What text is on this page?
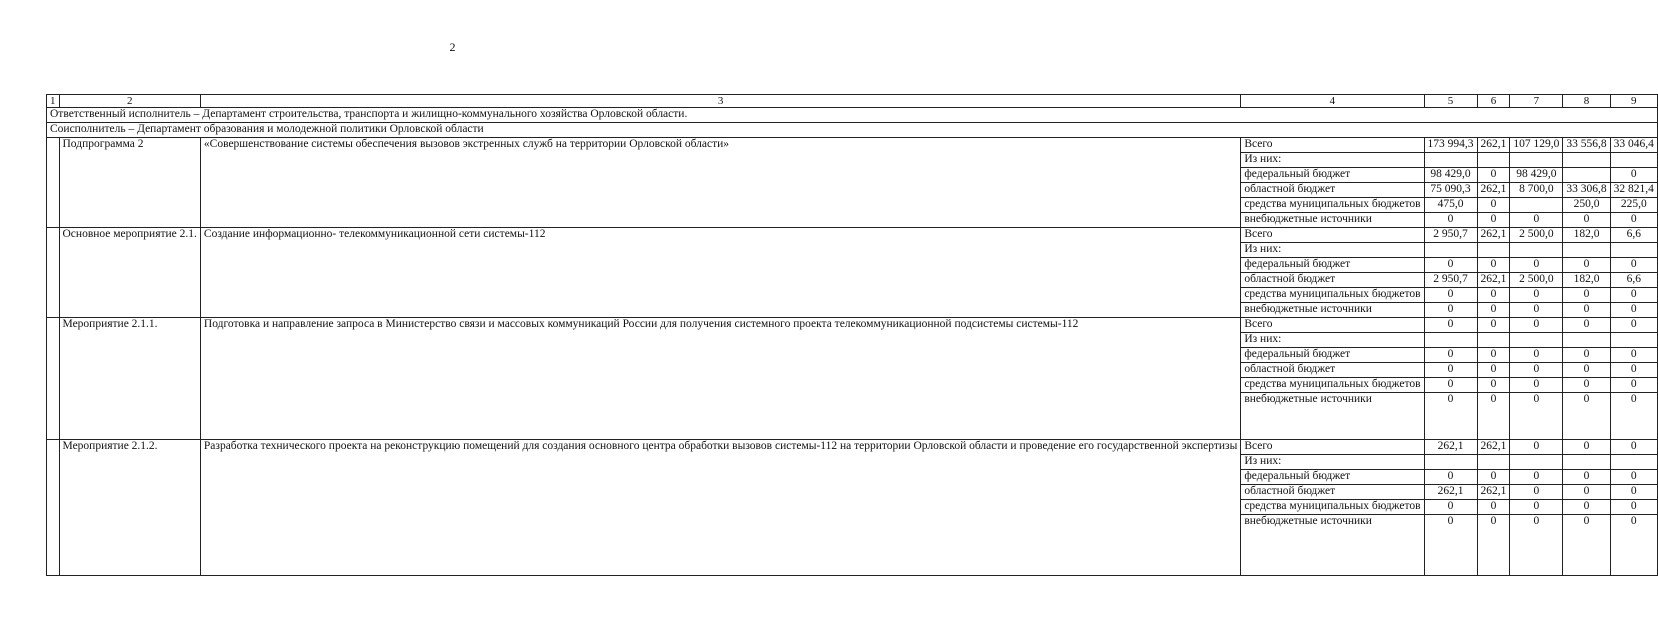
2
1	2	3	4	5	6	7	8	9
Ответственный исполнитель – Департамент строительства, транспорта и жилищно-коммунального хозяйства Орловской области.								
Соисполнитель – Департамент образования и молодежной политики Орловской области								
	Подпрограмма 2	«Совершенствование системы обеспечения вызовов экстренных служб на территории Орловской области»	Всего	173 994,3	262,1	107 129,0	33 556,8	33 046,4
			Из них:					
			федеральный бюджет	98 429,0	0	98 429,0		0
			областной бюджет	75 090,3	262,1	8 700,0	33 306,8	32 821,4
			средства муниципальных бюджетов	475,0	0		250,0	225,0
			внебюджетные источники	0	0	0	0	0
	Основное мероприятие 2.1.	Создание информационно- телекоммуникационной сети системы-112	Всего	2 950,7	262,1	2 500,0	182,0	6,6
			Из них:					
			федеральный бюджет	0	0	0	0	0
			областной бюджет	2 950,7	262,1	2 500,0	182,0	6,6
			средства муниципальных бюджетов	0	0	0	0	0
			внебюджетные источники	0	0	0	0	0
	Мероприятие 2.1.1.	Подготовка и направление запроса в Министерство связи и массовых коммуникаций России для получения системного проекта телекоммуникационной подсистемы системы-112	Всего	0	0	0	0	0
			Из них:					
			федеральный бюджет	0	0	0	0	0
			областной бюджет	0	0	0	0	0
			средства муниципальных бюджетов	0	0	0	0	0
			внебюджетные источники	0	0	0	0	0
	Мероприятие 2.1.2.	Разработка технического проекта на реконструкцию помещений для создания основного центра обработки вызовов системы-112 на территории Орловской области и проведение его государственной экспертизы	Всего	262,1	262,1	0	0	0
			Из них:					
			федеральный бюджет	0	0	0	0	0
			областной бюджет	262,1	262,1	0	0	0
			средства муниципальных бюджетов	0	0	0	0	0
			внебюджетные источники	0	0	0	0	0
